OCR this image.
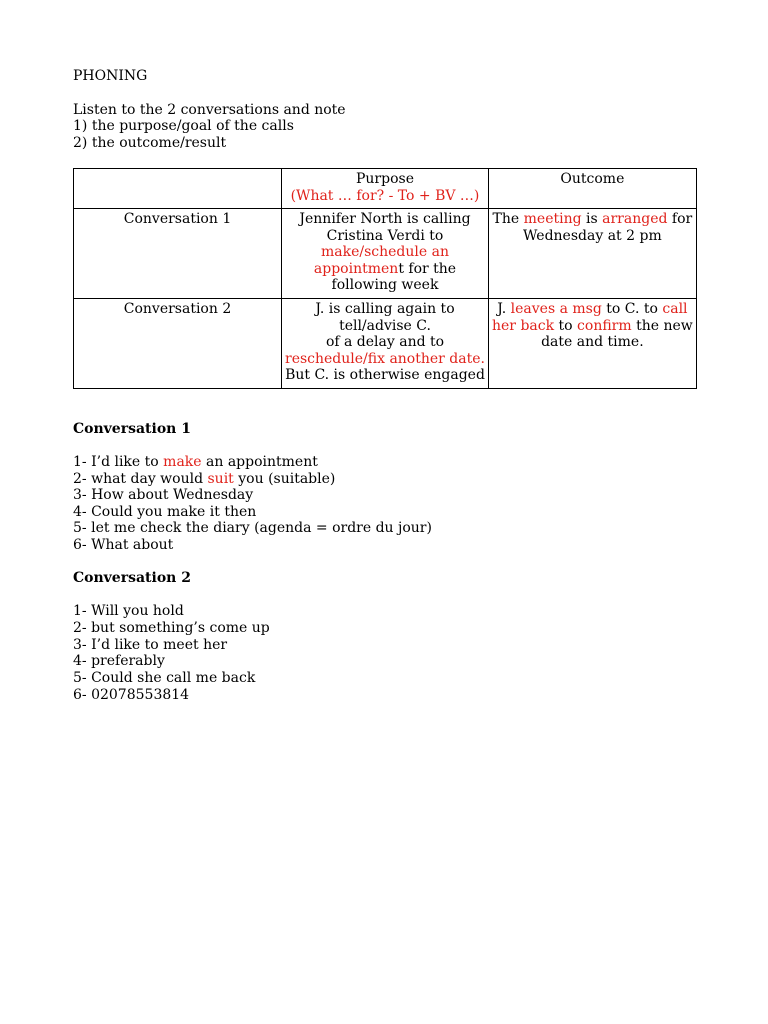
PHONING
Listen to the 2 conversations and note
1) the purpose/goal of the calls
2) the outcome/result

	Purpose
(What … for? - To + BV …)	Outcome

Conversation 1	Jennifer North is calling
Cristina Verdi to
make/schedule an
appointment for the
following week	The meeting is arranged for
Wednesday at 2 pm

Conversation 2	J. is calling again to
tell/advise C.
of a delay and to
reschedule/fix another date.
But C. is otherwise engaged	J. leaves a msg to C. to call
her back to confirm the new
date and time.
Conversation 1
1- I’d like to make an appointment
2- what day would suit you (suitable)
3- How about Wednesday
4- Could you make it then
5- let me check the diary (agenda = ordre du jour)
6- What about
Conversation 2
1- Will you hold
2- but something’s come up
3- I’d like to meet her
4- preferably
5- Could she call me back
6- 02078553814
